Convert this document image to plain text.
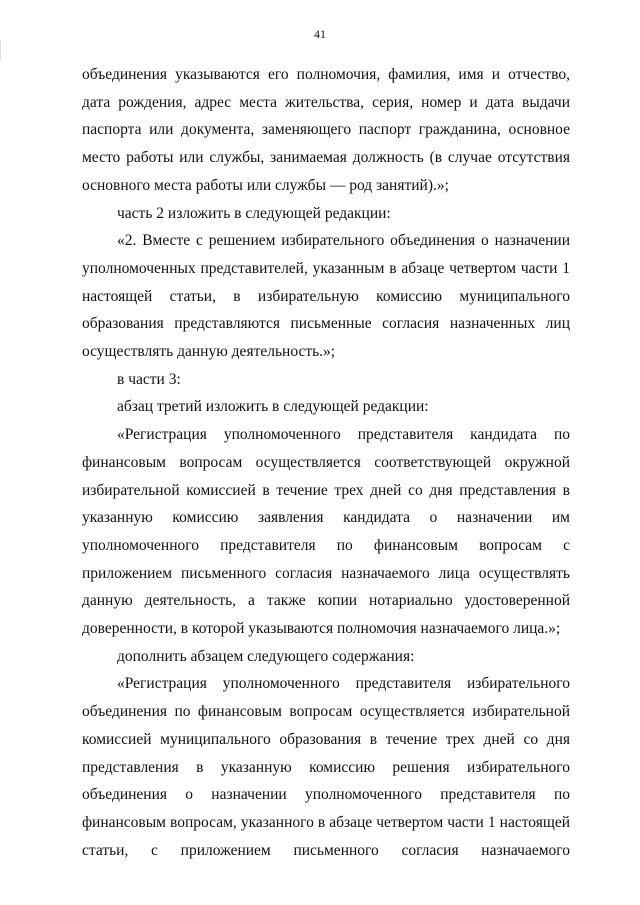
41

объединения указываются его полномочия, фамилия, имя и отчество, дата рождения, адрес места жительства, серия, номер и дата выдачи паспорта или документа, заменяющего паспорт гражданина, основное место работы или службы, занимаемая должность (в случае отсутствия основного места работы или службы — род занятий).»;

часть 2 изложить в следующей редакции:

«2. Вместе с решением избирательного объединения о назначении уполномоченных представителей, указанным в абзаце четвертом части 1 настоящей статьи, в избирательную комиссию муниципального образования представляются письменные согласия назначенных лиц осуществлять данную деятельность.»;

в части 3:

абзац третий изложить в следующей редакции:

«Регистрация уполномоченного представителя кандидата по финансовым вопросам осуществляется соответствующей окружной избирательной комиссией в течение трех дней со дня представления в указанную комиссию заявления кандидата о назначении им уполномоченного представителя по финансовым вопросам с приложением письменного согласия назначаемого лица осуществлять данную деятельность, а также копии нотариально удостоверенной доверенности, в которой указываются полномочия назначаемого лица.»;

дополнить абзацем следующего содержания:

«Регистрация уполномоченного представителя избирательного объединения по финансовым вопросам осуществляется избирательной комиссией муниципального образования в течение трех дней со дня представления в указанную комиссию решения избирательного объединения о назначении уполномоченного представителя по финансовым вопросам, указанного в абзаце четвертом части 1 настоящей статьи, с приложением письменного согласия назначаемого
